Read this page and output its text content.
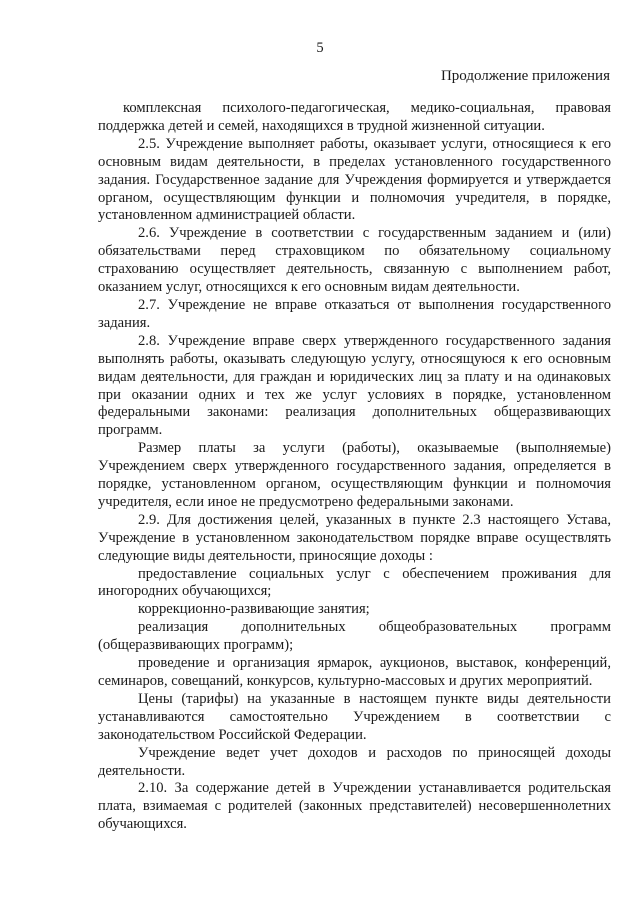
5
Продолжение приложения

комплексная психолого-педагогическая, медико-социальная, правовая поддержка детей и семей, находящихся в трудной жизненной ситуации.

2.5. Учреждение выполняет работы, оказывает услуги, относящиеся к его основным видам деятельности, в пределах установленного государственного задания. Государственное задание для Учреждения формируется и утверждается органом, осуществляющим функции и полномочия учредителя, в порядке, установленном администрацией области.

2.6. Учреждение в соответствии с государственным заданием и (или) обязательствами перед страховщиком по обязательному социальному страхованию осуществляет деятельность, связанную с выполнением работ, оказанием услуг, относящихся к его основным видам деятельности.

2.7. Учреждение не вправе отказаться от выполнения государственного задания.

2.8. Учреждение вправе сверх утвержденного государственного задания выполнять работы, оказывать следующую услугу, относящуюся к его основным видам деятельности, для граждан и юридических лиц за плату и на одинаковых при оказании одних и тех же услуг условиях в порядке, установленном федеральными законами: реализация дополнительных общеразвивающих программ.

Размер платы за услуги (работы), оказываемые (выполняемые) Учреждением сверх утвержденного государственного задания, определяется в порядке, установленном органом, осуществляющим функции и полномочия учредителя, если иное не предусмотрено федеральными законами.

2.9. Для достижения целей, указанных в пункте 2.3 настоящего Устава, Учреждение в установленном законодательством порядке вправе осуществлять следующие виды деятельности, приносящие доходы :

предоставление социальных услуг с обеспечением проживания для иногородних обучающихся;

коррекционно-развивающие занятия;

реализация дополнительных общеобразовательных программ (общеразвивающих программ);

проведение и организация ярмарок, аукционов, выставок, конференций, семинаров, совещаний, конкурсов, культурно-массовых и других мероприятий.

Цены (тарифы) на указанные в настоящем пункте виды деятельности устанавливаются самостоятельно Учреждением в соответствии с законодательством Российской Федерации.

Учреждение ведет учет доходов и расходов по приносящей доходы деятельности.

2.10. За содержание детей в Учреждении устанавливается родительская плата, взимаемая с родителей (законных представителей) несовершеннолетних обучающихся.
